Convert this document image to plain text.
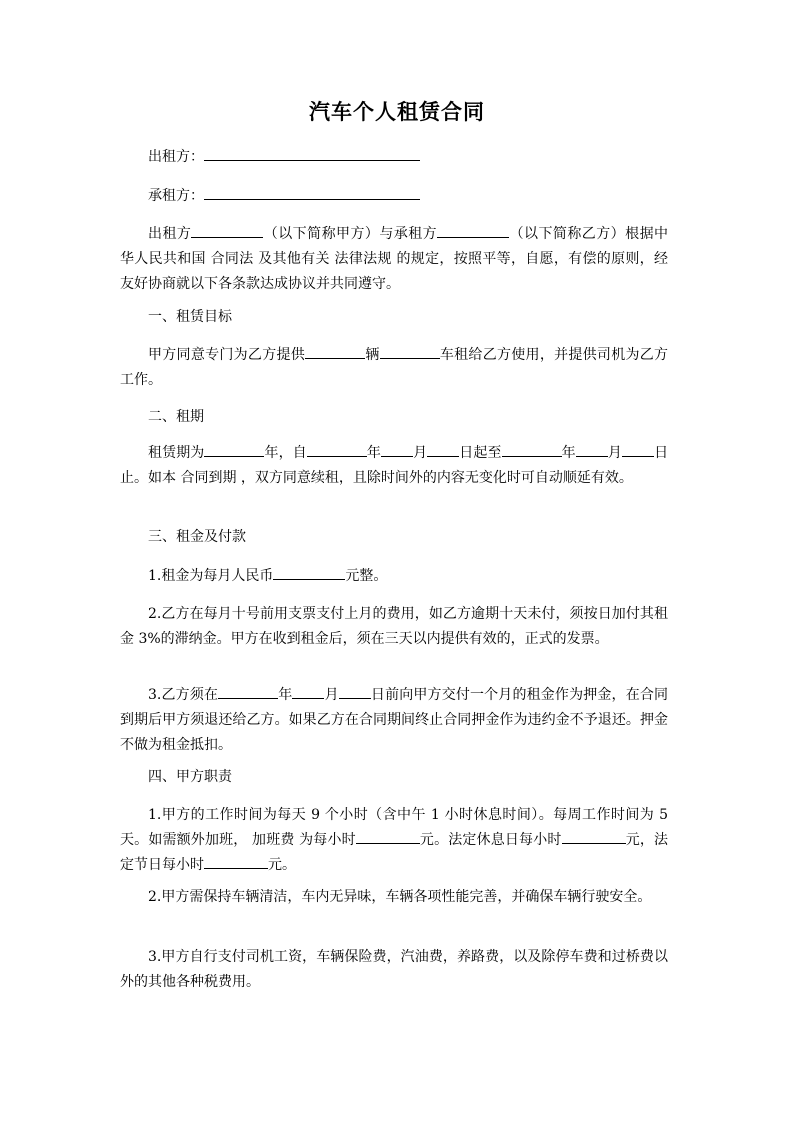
汽车个人租赁合同

出租方：

承租方：

出租方	（以下简称甲方）与承租方	（以下简称乙方）根据中华人民共和国 合同法 及其他有关 法律法规 的规定，按照平等，自愿，有偿的原则，经友好协商就以下各条款达成协议并共同遵守。

一、租赁目标

甲方同意专门为乙方提供	辆	车租给乙方使用，并提供司机为乙方工作。

二、租期

租赁期为	年，自	年 月 日起至	年 月 日止。如本 合同到期 ，双方同意续租，且除时间外的内容无变化时可自动顺延有效。

三、租金及付款

1.租金为每月人民币	元整。

2.乙方在每月十号前用支票支付上月的费用，如乙方逾期十天未付，须按日加付其租金 3%的滞纳金。甲方在收到租金后，须在三天以内提供有效的，正式的发票。

3.乙方须在	年 月 日前向甲方交付一个月的租金作为押金，在合同到期后甲方须退还给乙方。如果乙方在合同期间终止合同押金作为违约金不予退还。押金不做为租金抵扣。

四、甲方职责

1.甲方的工作时间为每天 9 个小时（含中午 1 小时休息时间）。每周工作时间为 5 天。如需额外加班， 加班费 为每小时	元。法定休息日每小时	元，法定节日每小时	元。

2.甲方需保持车辆清洁，车内无异味，车辆各项性能完善，并确保车辆行驶安全。

3.甲方自行支付司机工资，车辆保险费，汽油费，养路费，以及除停车费和过桥费以外的其他各种税费用。
